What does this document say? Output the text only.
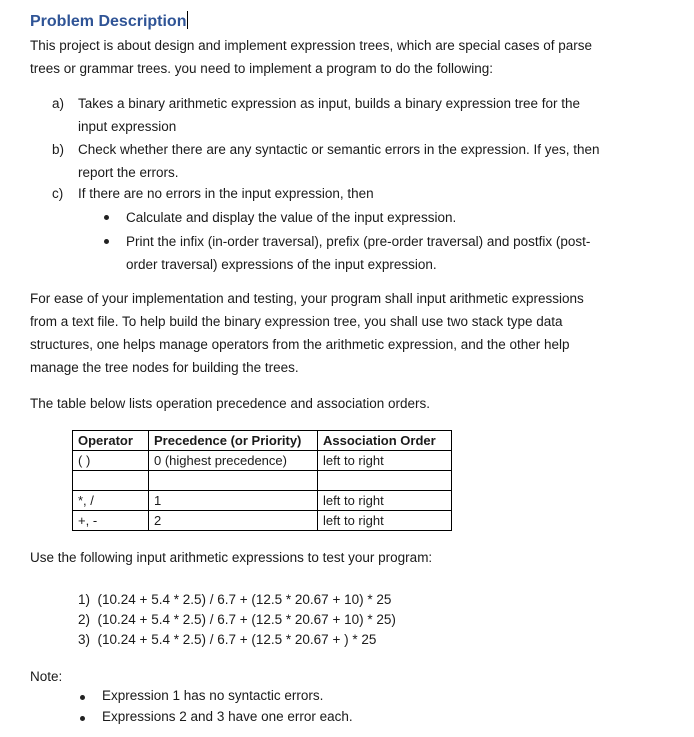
Problem Description
This project is about design and implement expression trees, which are special cases of parse
trees or grammar trees. you need to implement a program to do the following:
a) Takes a binary arithmetic expression as input, builds a binary expression tree for the
input expression
b) Check whether there are any syntactic or semantic errors in the expression. If yes, then
report the errors.
c) If there are no errors in the input expression, then
Calculate and display the value of the input expression.
Print the infix (in-order traversal), prefix (pre-order traversal) and postfix (post-
order traversal) expressions of the input expression.
For ease of your implementation and testing, your program shall input arithmetic expressions
from a text file. To help build the binary expression tree, you shall use two stack type data
structures, one helps manage operators from the arithmetic expression, and the other help
manage the tree nodes for building the trees.
The table below lists operation precedence and association orders.
Operator	Precedence (or Priority)	Association Order
( )	0 (highest precedence)	left to right

*, /	1	left to right
+, -	2	left to right
Use the following input arithmetic expressions to test your program:
1) (10.24 + 5.4 * 2.5) / 6.7 + (12.5 * 20.67 + 10) * 25
2) (10.24 + 5.4 * 2.5) / 6.7 + (12.5 * 20.67 + 10) * 25)
3) (10.24 + 5.4 * 2.5) / 6.7 + (12.5 * 20.67 + ) * 25
Note:
Expression 1 has no syntactic errors.
Expressions 2 and 3 have one error each.
